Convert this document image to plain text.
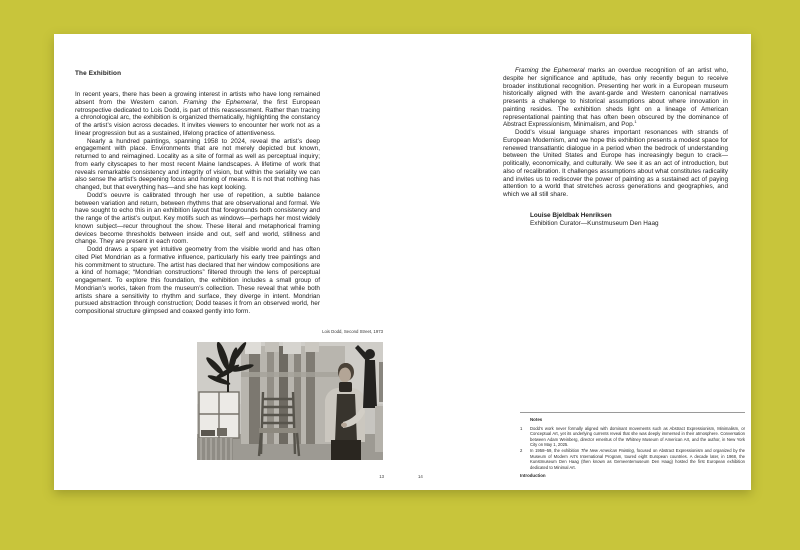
The Exhibition

In recent years, there has been a growing interest in artists who have long remained absent from the Western canon. Framing the Ephemeral, the first European retrospective dedicated to Lois Dodd, is part of this reassessment. Rather than tracing a chronological arc, the exhibition is organized thematically, highlighting the constancy of the artist’s vision across decades. It invites viewers to encounter her work not as a linear progression but as a sustained, lifelong practice of attentiveness.

Nearly a hundred paintings, spanning 1958 to 2024, reveal the artist’s deep engagement with place. Environments that are not merely depicted but known, returned to and reimagined. Locality as a site of formal as well as perceptual inquiry; from early cityscapes to her most recent Maine landscapes. A lifetime of work that reveals remarkable consistency and integrity of vision, but within the seriality we can also sense the artist’s deepening focus and honing of means. It is not that nothing has changed, but that everything has—and she has kept looking.

Dodd’s oeuvre is calibrated through her use of repetition, a subtle balance between variation and return, between rhythms that are observational and formal. We have sought to echo this in an exhibition layout that foregrounds both consistency and the range of the artist’s output. Key motifs such as windows—perhaps her most widely known subject—recur throughout the show. These literal and metaphorical framing devices become thresholds between inside and out, self and world, stillness and change. They are present in each room.

Dodd draws a spare yet intuitive geometry from the visible world and has often cited Piet Mondrian as a formative influence, particularly his early tree paintings and his commitment to structure. The artist has declared that her window compositions are a kind of homage; “Mondrian constructions” filtered through the lens of perceptual engagement. To explore this foundation, the exhibition includes a small group of Mondrian’s works, taken from the museum’s collection. These reveal that while both artists share a sensitivity to rhythm and surface, they diverge in intent. Mondrian pursued abstraction through construction; Dodd teases it from an observed world, her compositional structure glimpsed and coaxed gently into form.

Lois Dodd, Second Street, 1973
13	14

Framing the Ephemeral marks an overdue recognition of an artist who, despite her significance and aptitude, has only recently begun to receive broader institutional recognition. Presenting her work in a European museum historically aligned with the avant-garde and Western canonical narratives presents a challenge to historical assumptions about where innovation in painting resides. The exhibition sheds light on a lineage of American representational painting that has often been obscured by the dominance of Abstract Expressionism, Minimalism, and Pop.$^1$

Dodd’s visual language shares important resonances with strands of European Modernism, and we hope this exhibition presents a modest space for renewed transatlantic dialogue in a period when the bedrock of understanding between the United States and Europe has increasingly begun to crack—politically, economically, and culturally. We see it as an act of introduction, but also of recalibration. It challenges assumptions about what constitutes radicality and invites us to rediscover the power of painting as a sustained act of paying attention to a world that stretches across generations and geographies, and which we all still share.

Louise Bjeldbak Henriksen
Exhibition Curator—Kunstmuseum Den Haag
Notes
1	Dodd’s work never formally aligned with dominant movements such as Abstract Expressionism, Minimalism, or Conceptual Art, yet its underlying currents reveal that she was deeply immersed in their atmosphere. Conversation between Adam Weinberg, director emeritus of the Whitney Museum of American Art, and the author, in New York City on May 1, 2025.
2	In 1958–59, the exhibition The New American Painting, focused on Abstract Expressionism and organized by the Museum of Modern Art’s International Program, toured eight European countries. A decade later, in 1968, the Kunstmuseum Den Haag (then known as Gemeentemuseum Den Haag) hosted the first European exhibition dedicated to Minimal Art.
Introduction
